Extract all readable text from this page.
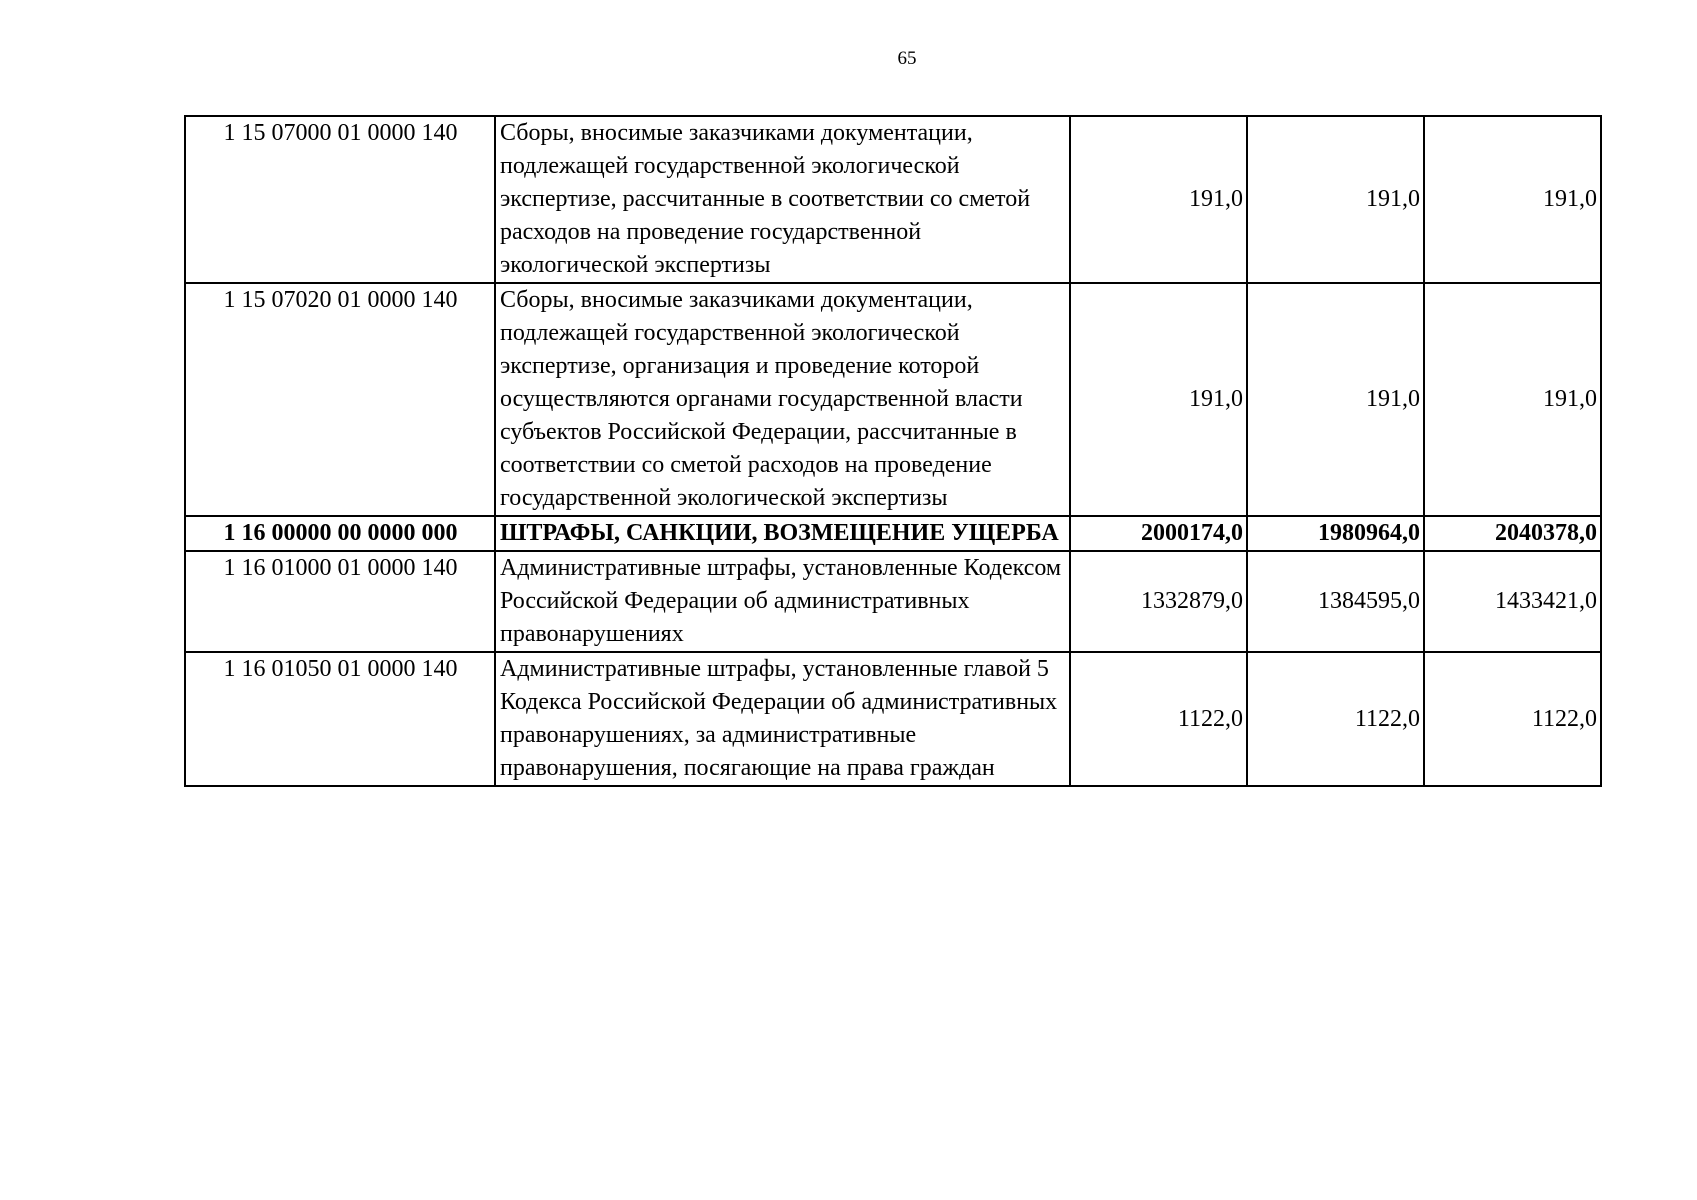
65
1 15 07000 01 0000 140	Сборы, вносимые заказчиками документации, подлежащей государственной экологической экспертизе, рассчитанные в соответствии со сметой расходов на проведение государственной экологической экспертизы	191,0	191,0	191,0
1 15 07020 01 0000 140	Сборы, вносимые заказчиками документации, подлежащей государственной экологической экспертизе, организация и проведение которой осуществляются органами государственной власти субъектов Российской Федерации, рассчитанные в соответствии со сметой расходов на проведение государственной экологической экспертизы	191,0	191,0	191,0
1 16 00000 00 0000 000	ШТРАФЫ, САНКЦИИ, ВОЗМЕЩЕНИЕ УЩЕРБА	2000174,0	1980964,0	2040378,0
1 16 01000 01 0000 140	Административные штрафы, установленные Кодексом Российской Федерации об административных правонарушениях	1332879,0	1384595,0	1433421,0
1 16 01050 01 0000 140	Административные штрафы, установленные главой 5 Кодекса Российской Федерации об административных правонарушениях, за административные правонарушения, посягающие на права граждан	1122,0	1122,0	1122,0
